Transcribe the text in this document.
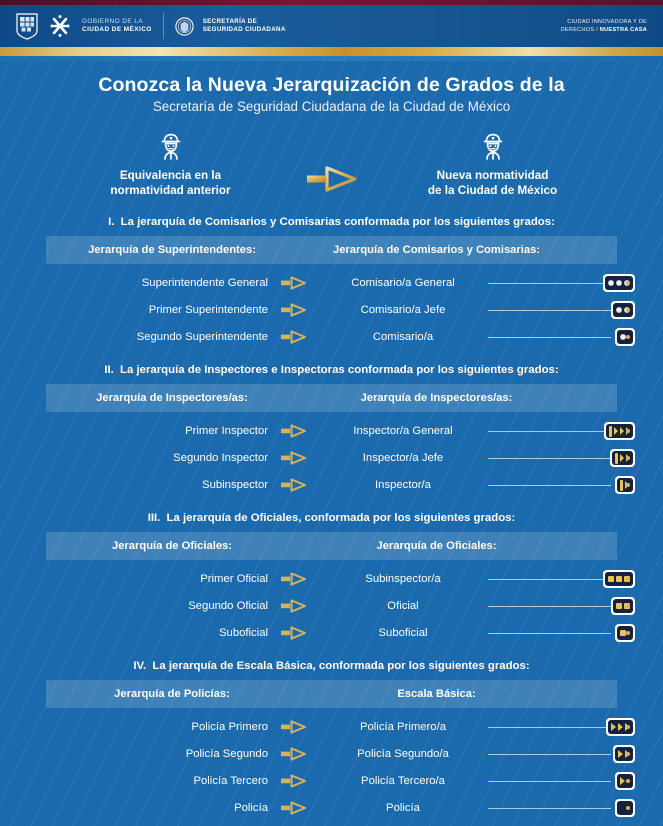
GOBIERNO DE LA
CIUDAD DE MÉXICO
SECRETARÍA DE
SEGURIDAD CIUDADANA
CIUDAD INNOVADORA Y DE
DERECHOS / NUESTRA CASA
Conozca la Nueva Jerarquización de Grados de la
Secretaría de Seguridad Ciudadana de la Ciudad de México
Equivalencia en la
normatividad anterior
Nueva normatividad
de la Ciudad de México
I. La jerarquía de Comisarios y Comisarias conformada por los siguientes grados:
Jerarquía de Superintendentes:	Jerarquía de Comisarios y Comisarias:
Superintendente General	Comisario/a General
Primer Superintendente	Comisario/a Jefe
Segundo Superintendente	Comisario/a
II. La jerarquía de Inspectores e Inspectoras conformada por los siguientes grados:
Jerarquía de Inspectores/as:	Jerarquía de Inspectores/as:
Primer Inspector	Inspector/a General
Segundo Inspector	Inspector/a Jefe
Subinspector	Inspector/a
III. La jerarquía de Oficiales, conformada por los siguientes grados:
Jerarquía de Oficiales:	Jerarquía de Oficiales:
Primer Oficial	Subinspector/a
Segundo Oficial	Oficial
Suboficial	Suboficial
IV. La jerarquía de Escala Básica, conformada por los siguientes grados:
Jerarquía de Policías:	Escala Básica:
Policía Primero	Policía Primero/a
Policía Segundo	Policía Segundo/a
Policía Tercero	Policía Tercero/a
Policía	Policía
